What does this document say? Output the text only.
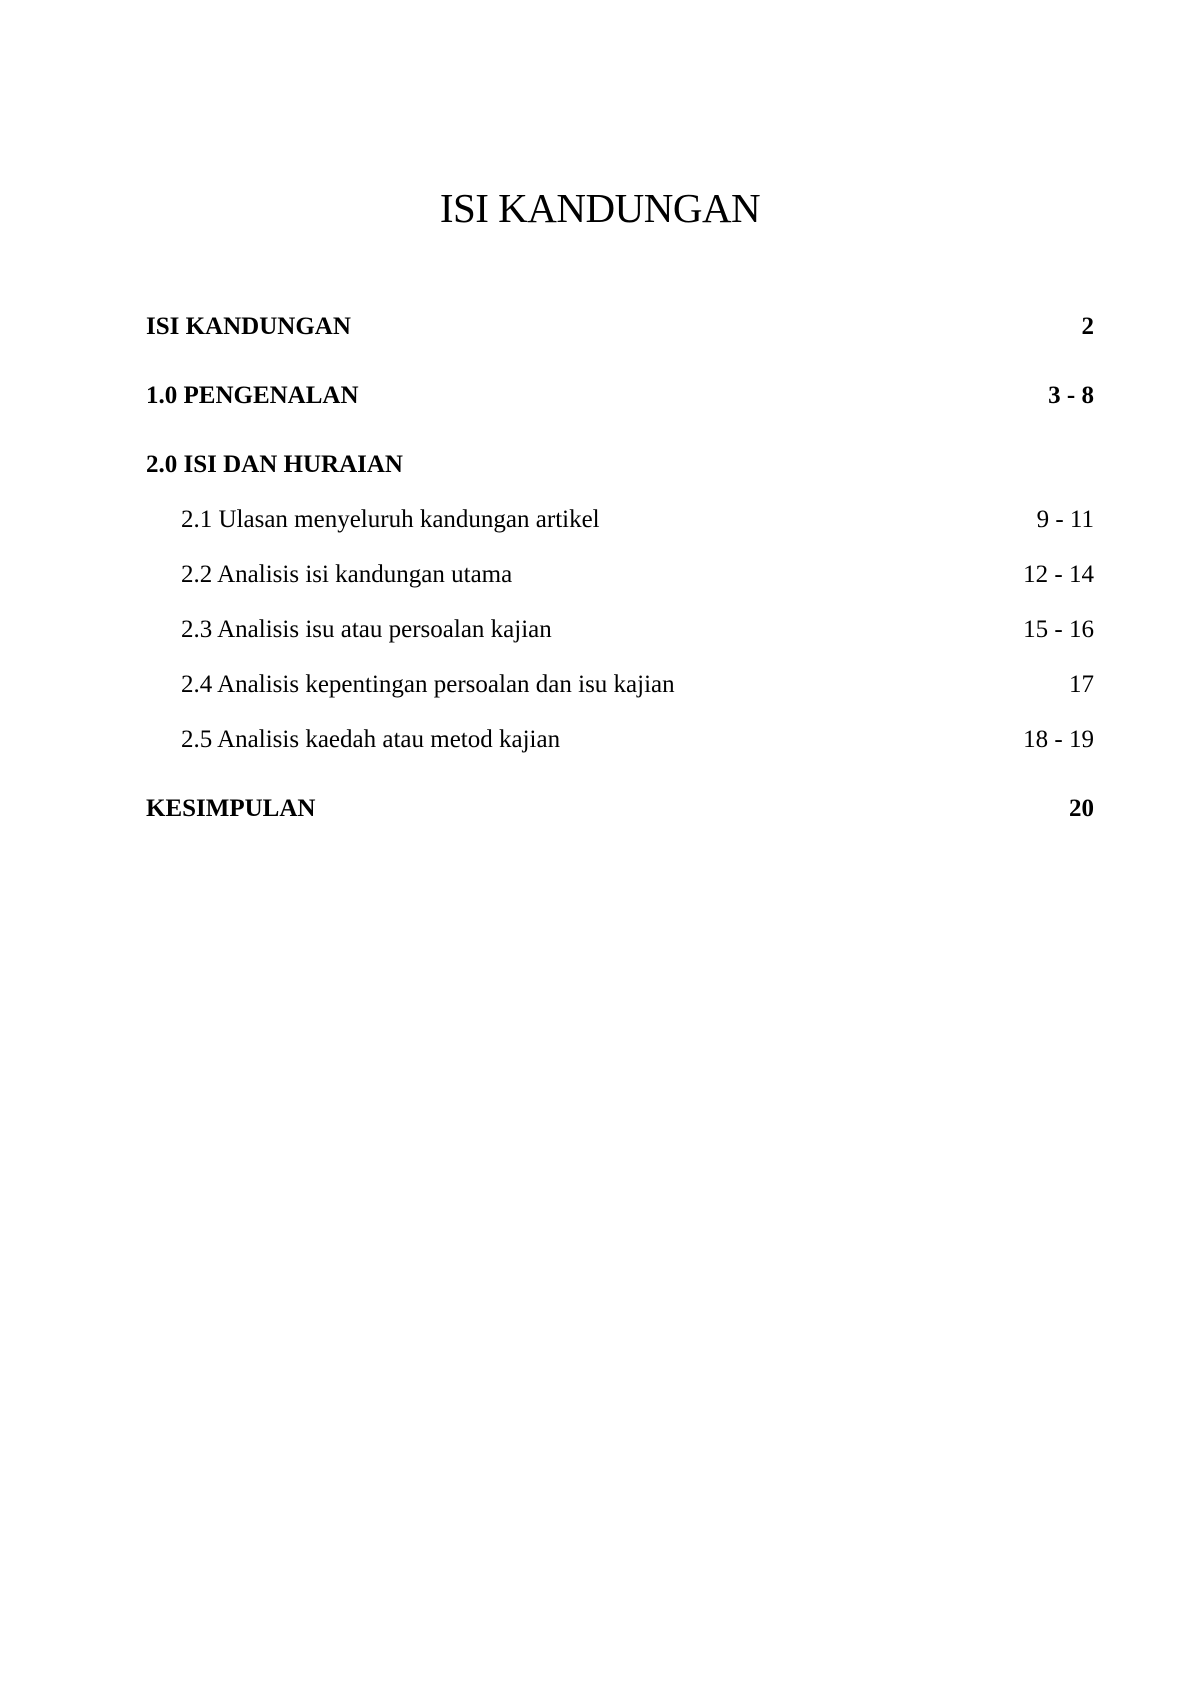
ISI KANDUNGAN
ISI KANDUNGAN	2
1.0 PENGENALAN	3 - 8
2.0 ISI DAN HURAIAN
2.1 Ulasan menyeluruh kandungan artikel	9 - 11
2.2 Analisis isi kandungan utama	12 - 14
2.3 Analisis isu atau persoalan kajian	15 - 16
2.4 Analisis kepentingan persoalan dan isu kajian	17
2.5 Analisis kaedah atau metod kajian	18 - 19
KESIMPULAN	20
